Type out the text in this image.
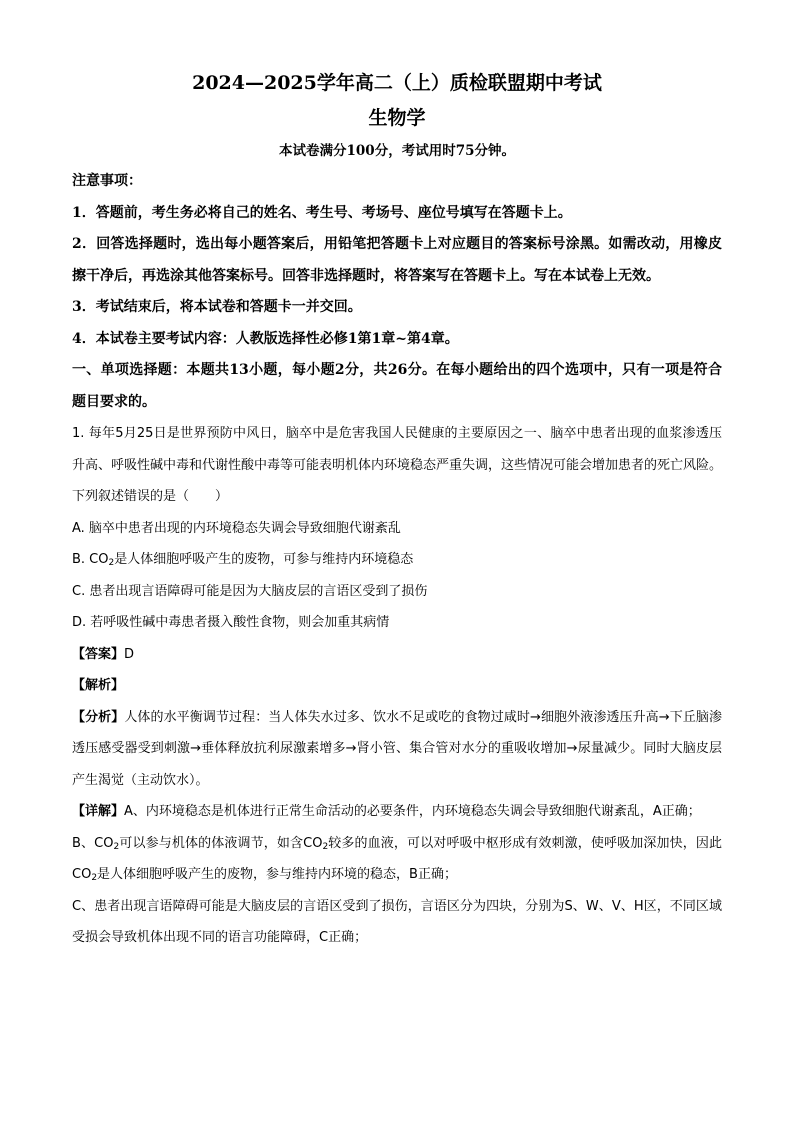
2024—2025学年高二（上）质检联盟期中考试
生物学
本试卷满分100分，考试用时75分钟。
注意事项：

1．答题前，考生务必将自己的姓名、考生号、考场号、座位号填写在答题卡上。

2．回答选择题时，选出每小题答案后，用铅笔把答题卡上对应题目的答案标号涂黑。如需改动，用橡皮擦干净后，再选涂其他答案标号。回答非选择题时，将答案写在答题卡上。写在本试卷上无效。

3．考试结束后，将本试卷和答题卡一并交回。

4．本试卷主要考试内容：人教版选择性必修1第1章~第4章。

一、单项选择题：本题共13小题，每小题2分，共26分。在每小题给出的四个选项中，只有一项是符合题目要求的。

1. 每年5月25日是世界预防中风日，脑卒中是危害我国人民健康的主要原因之一、脑卒中患者出现的血浆渗透压升高、呼吸性碱中毒和代谢性酸中毒等可能表明机体内环境稳态严重失调，这些情况可能会增加患者的死亡风险。下列叙述错误的是（　　）

A. 脑卒中患者出现的内环境稳态失调会导致细胞代谢紊乱

B. $CO_2$是人体细胞呼吸产生的废物，可参与维持内环境稳态

C. 患者出现言语障碍可能是因为大脑皮层的言语区受到了损伤

D. 若呼吸性碱中毒患者摄入酸性食物，则会加重其病情

【答案】D

【解析】

【分析】人体的水平衡调节过程：当人体失水过多、饮水不足或吃的食物过咸时→细胞外液渗透压升高→下丘脑渗透压感受器受到刺激→垂体释放抗利尿激素增多→肾小管、集合管对水分的重吸收增加→尿量减少。同时大脑皮层产生渴觉（主动饮水）。

【详解】A、内环境稳态是机体进行正常生命活动的必要条件，内环境稳态失调会导致细胞代谢紊乱，A正确；

B、$CO_2$可以参与机体的体液调节，如含$CO_2$较多的血液，可以对呼吸中枢形成有效刺激，使呼吸加深加快，因此$CO_2$是人体细胞呼吸产生的废物，参与维持内环境的稳态，B正确；

C、患者出现言语障碍可能是大脑皮层的言语区受到了损伤，言语区分为四块，分别为S、W、V、H区，不同区域受损会导致机体出现不同的语言功能障碍，C正确；
